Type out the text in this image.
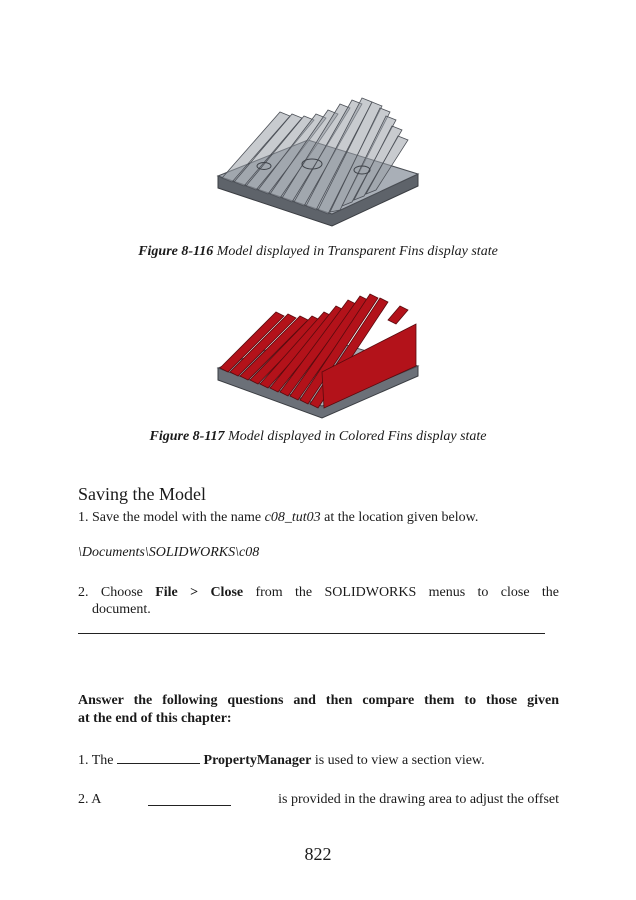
Figure 8-116 Model displayed in Transparent Fins display state
Figure 8-117 Model displayed in Colored Fins display state
Saving the Model
1. Save the model with the name c08_tut03 at the location given below.
\Documents\SOLIDWORKS\c08
2. Choose File > Close from the SOLIDWORKS menus to close the
document.
Answer the following questions and then compare them to those given
at the end of this chapter:
1. The	PropertyManager is used to view a section view.
2. A	is provided in the drawing area to adjust the offset
822
